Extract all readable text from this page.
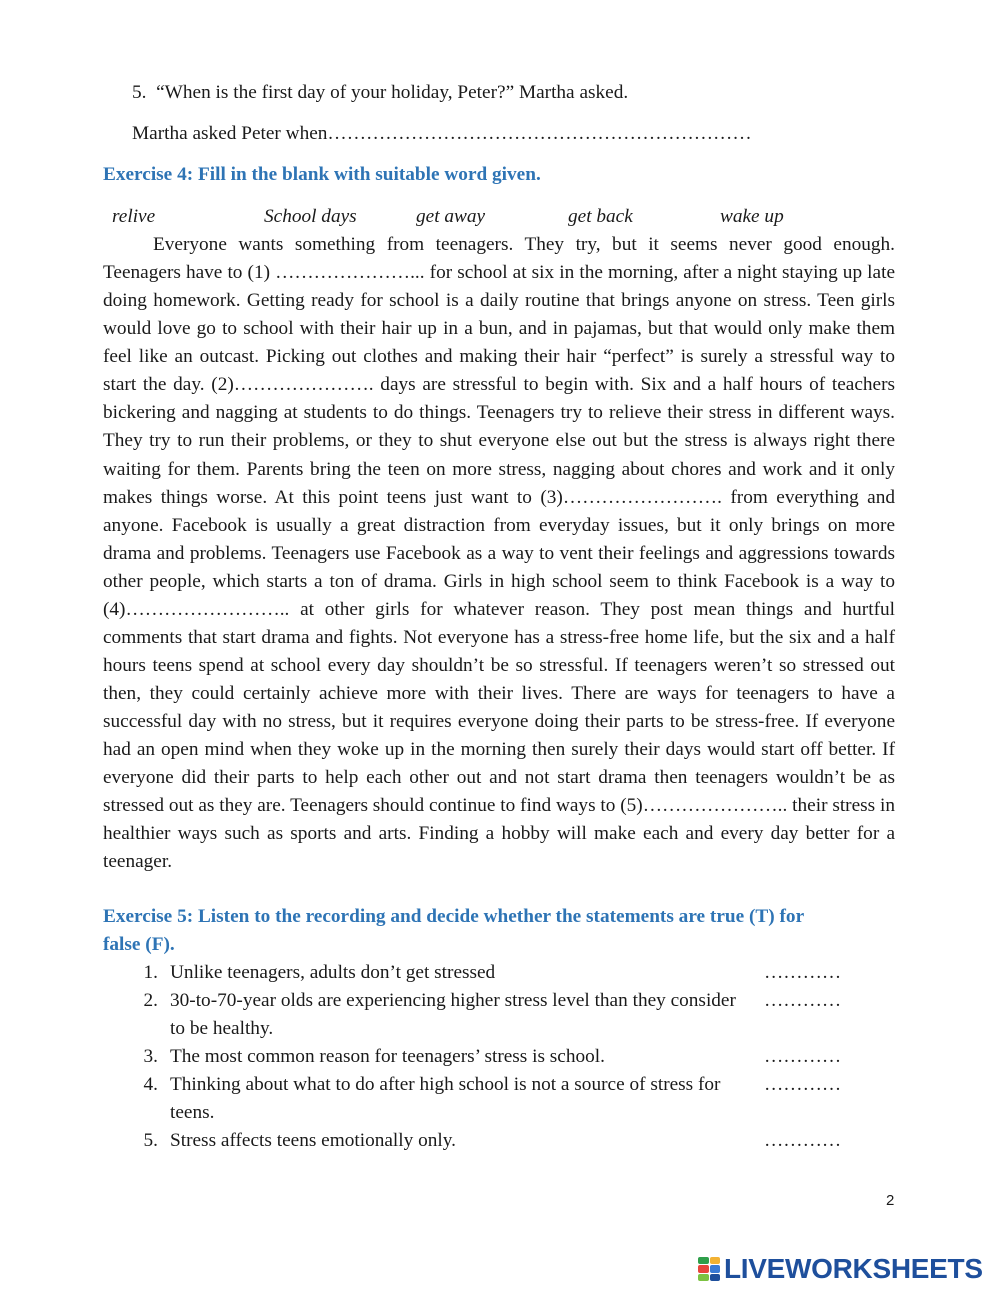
5. “When is the first day of your holiday, Peter?” Martha asked.
Martha asked Peter when…………………………………………………………
Exercise 4: Fill in the blank with suitable word given.
relive	School days	get away	get back	wake up

Everyone wants something from teenagers. They try, but it seems never good enough. Teenagers have to (1) …………………... for school at six in the morning, after a night staying up late doing homework. Getting ready for school is a daily routine that brings anyone on stress. Teen girls would love go to school with their hair up in a bun, and in pajamas, but that would only make them feel like an outcast. Picking out clothes and making their hair “perfect” is surely a stressful way to start the day. (2)…………………. days are stressful to begin with. Six and a half hours of teachers bickering and nagging at students to do things. Teenagers try to relieve their stress in different ways. They try to run their problems, or they to shut everyone else out but the stress is always right there waiting for them. Parents bring the teen on more stress, nagging about chores and work and it only makes things worse. At this point teens just want to (3)……………………. from everything and anyone. Facebook is usually a great distraction from everyday issues, but it only brings on more drama and problems. Teenagers use Facebook as a way to vent their feelings and aggressions towards other people, which starts a ton of drama. Girls in high school seem to think Facebook is a way to (4)…………………….. at other girls for whatever reason. They post mean things and hurtful comments that start drama and fights. Not everyone has a stress-free home life, but the six and a half hours teens spend at school every day shouldn’t be so stressful. If teenagers weren’t so stressed out then, they could certainly achieve more with their lives. There are ways for teenagers to have a successful day with no stress, but it requires everyone doing their parts to be stress-free. If everyone had an open mind when they woke up in the morning then surely their days would start off better. If everyone did their parts to help each other out and not start drama then teenagers wouldn’t be as stressed out as they are. Teenagers should continue to find ways to (5)………………….. their stress in healthier ways such as sports and arts. Finding a hobby will make each and every day better for a teenager.

Exercise 5: Listen to the recording and decide whether the statements are true (T) for
false (F).
1. Unlike teenagers, adults don’t get stressed	…………
2. 30-to-70-year olds are experiencing higher stress level than they consider to be healthy.
…………
3. The most common reason for teenagers’ stress is school.	…………
4. Thinking about what to do after high school is not a source of stress for teens.
…………
5. Stress affects teens emotionally only.	…………
2
LIVEWORKSHEETS
